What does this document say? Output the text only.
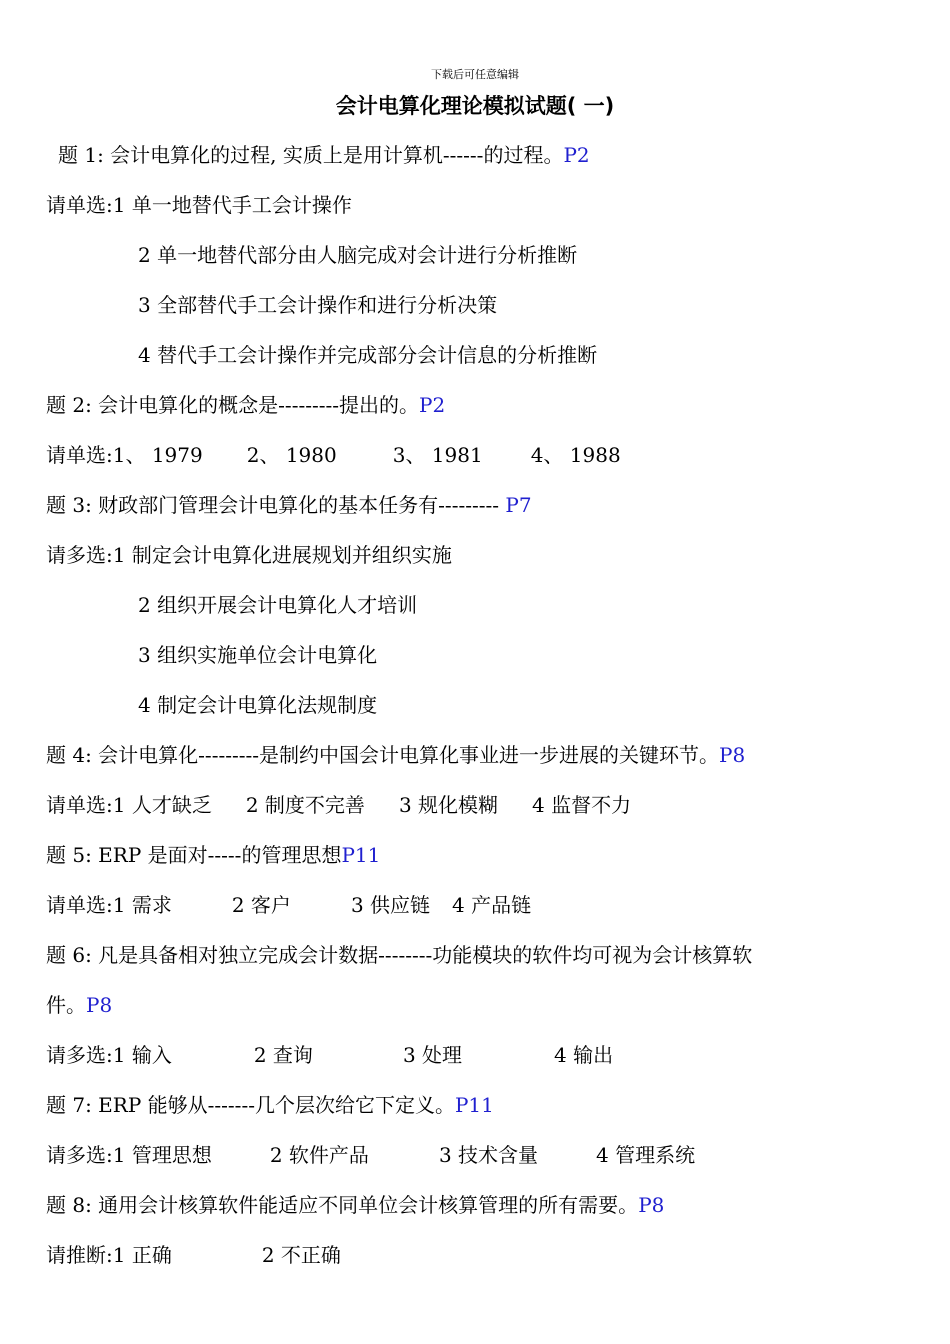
下载后可任意编辑
会计电算化理论模拟试题( 一)
题 1: 会计电算化的过程, 实质上是用计算机------的过程。P2
请单选:1 单一地替代手工会计操作
2 单一地替代部分由人脑完成对会计进行分析推断
3 全部替代手工会计操作和进行分析决策
4 替代手工会计操作并完成部分会计信息的分析推断
题 2: 会计电算化的概念是---------提出的。P2
请单选:1、 1979 2、 1980	3、 1981 4、 1988
题 3: 财政部门管理会计电算化的基本任务有--------- P7
请多选:1 制定会计电算化进展规划并组织实施
2 组织开展会计电算化人才培训
3 组织实施单位会计电算化
4 制定会计电算化法规制度
题 4: 会计电算化---------是制约中国会计电算化事业进一步进展的关键环节。P8
请单选:1 人才缺乏 2 制度不完善 3 规化模糊 4 监督不力
题 5: ERP 是面对-----的管理思想P11
请单选:1 需求	2 客户	3 供应链 4 产品链
题 6: 凡是具备相对独立完成会计数据--------功能模块的软件均可视为会计核算软
件。P8
请多选:1 输入	2 查询	3 处理	4 输出
题 7: ERP 能够从-------几个层次给它下定义。P11
请多选:1 管理思想	2 软件产品	3 技术含量	4 管理系统
题 8: 通用会计核算软件能适应不同单位会计核算管理的所有需要。P8
请推断:1 正确	2 不正确
